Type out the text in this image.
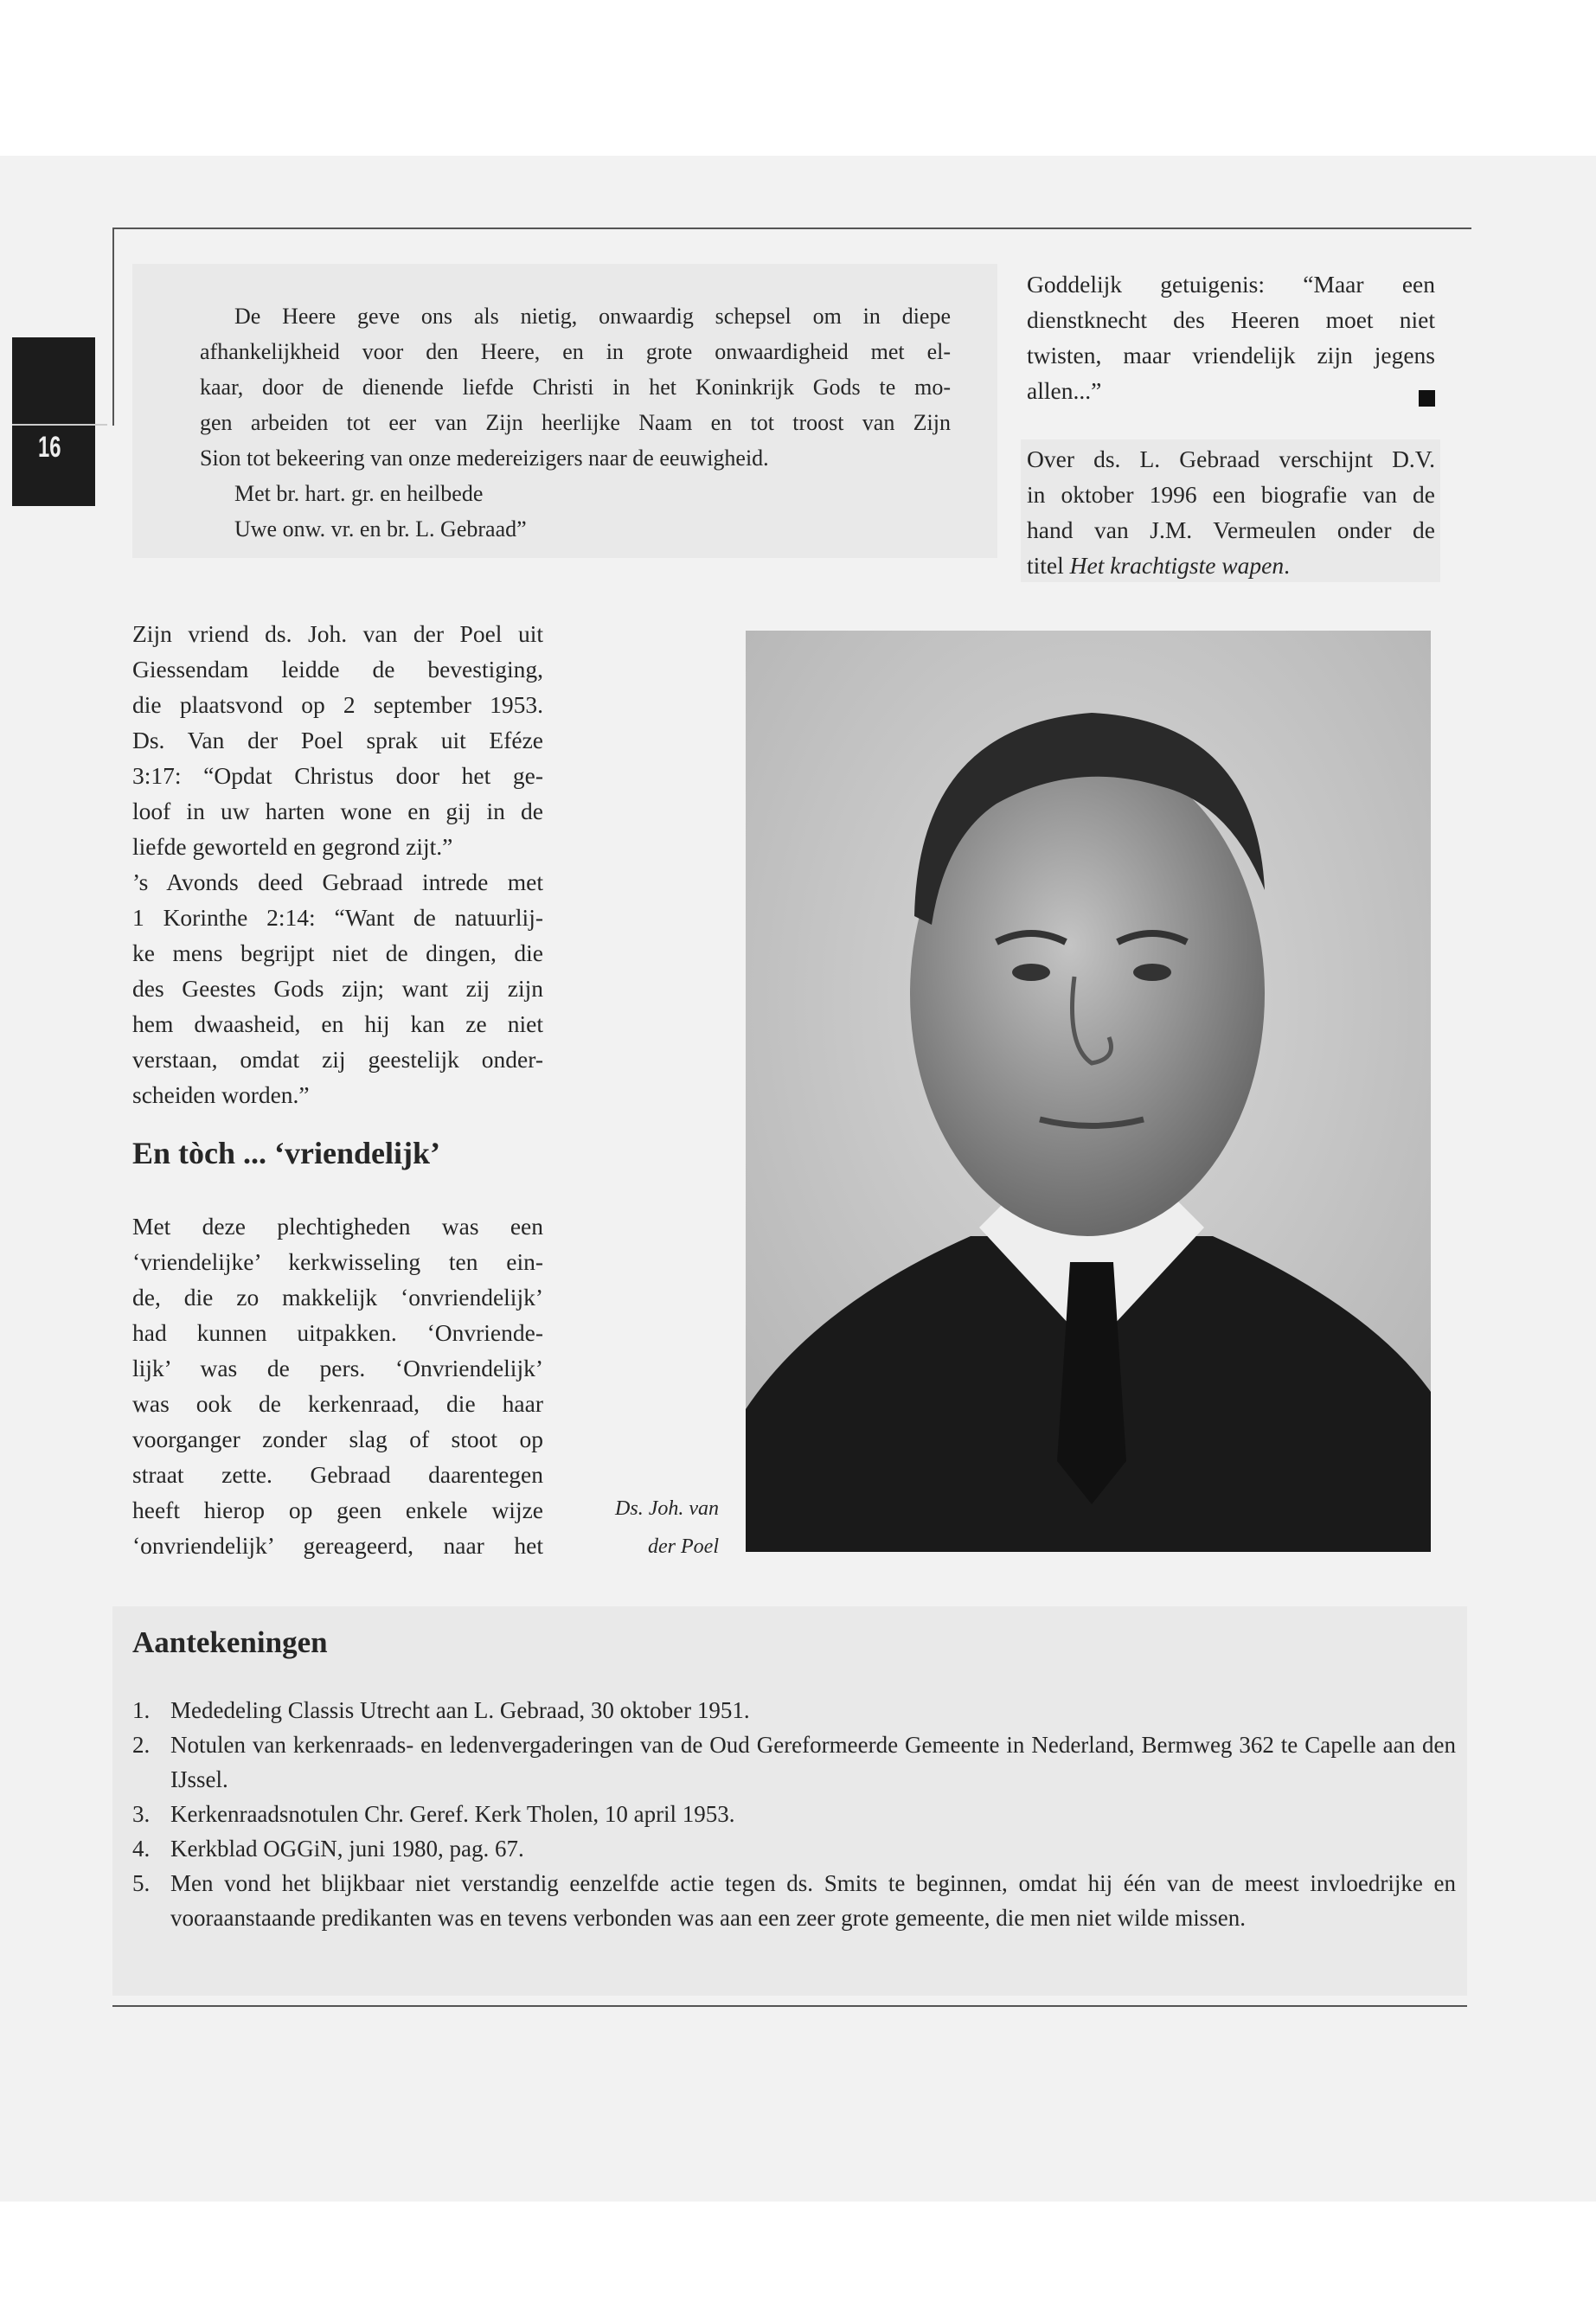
16
De Heere geve ons als nietig, onwaardig schepsel om in diepe
afhankelijkheid voor den Heere, en in grote onwaardigheid met el-
kaar, door de dienende liefde Christi in het Koninkrijk Gods te mo-
gen arbeiden tot eer van Zijn heerlijke Naam en tot troost van Zijn
Sion tot bekeering van onze medereizigers naar de eeuwigheid.
Met br. hart. gr. en heilbede
Uwe onw. vr. en br. L. Gebraad”
Goddelijk getuigenis: “Maar een
dienstknecht des Heeren moet niet
twisten, maar vriendelijk zijn jegens
allen...”
Over ds. L. Gebraad verschijnt D.V.
in oktober 1996 een biografie van de
hand van J.M. Vermeulen onder de
titel Het krachtigste wapen.
Zijn vriend ds. Joh. van der Poel uit
Giessendam leidde de bevestiging,
die plaatsvond op 2 september 1953.
Ds. Van der Poel sprak uit Eféze
3:17: “Opdat Christus door het ge-
loof in uw harten wone en gij in de
liefde geworteld en gegrond zijt.”
’s Avonds deed Gebraad intrede met
1 Korinthe 2:14: “Want de natuurlij-
ke mens begrijpt niet de dingen, die
des Geestes Gods zijn; want zij zijn
hem dwaasheid, en hij kan ze niet
verstaan, omdat zij geestelijk onder-
scheiden worden.”
En tòch ... ‘vriendelijk’
Met deze plechtigheden was een
‘vriendelijke’ kerkwisseling ten ein-
de, die zo makkelijk ‘onvriendelijk’
had kunnen uitpakken. ‘Onvriende-
lijk’ was de pers. ‘Onvriendelijk’
was ook de kerkenraad, die haar
voorganger zonder slag of stoot op
straat zette. Gebraad daarentegen
heeft hierop op geen enkele wijze
‘onvriendelijk’ gereageerd, naar het
Ds. Joh. van
der Poel
Aantekeningen
1. Mededeling Classis Utrecht aan L. Gebraad, 30 oktober 1951.
2. Notulen van kerkenraads- en ledenvergaderingen van de Oud Gereformeerde Gemeente in Nederland, Bermweg 362 te Capelle aan den IJssel.
3. Kerkenraadsnotulen Chr. Geref. Kerk Tholen, 10 april 1953.
4. Kerkblad OGGiN, juni 1980, pag. 67.
5. Men vond het blijkbaar niet verstandig eenzelfde actie tegen ds. Smits te beginnen, omdat hij één van de meest invloedrijke en vooraanstaande predikanten was en tevens verbonden was aan een zeer grote gemeente, die men niet wilde missen.
